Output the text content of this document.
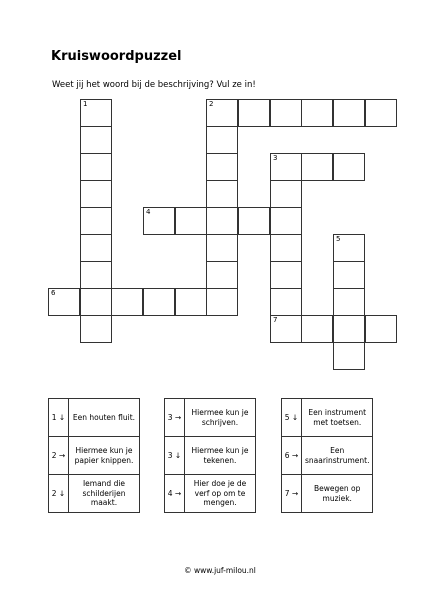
Kruiswoordpuzzel
Weet jij het woord bij de beschrijving? Vul ze in!
1	2
3
7
4
5
6
1 ↓	Een houten fluit.
2 →	Hiermee kun je papier knippen.
2 ↓	Iemand die schilderijen maakt.
3 →	Hiermee kun je schrijven.
3 ↓	Hiermee kun je tekenen.
4 →	Hier doe je de verf op om te mengen.
5 ↓	Een instrument met toetsen.
6 →	Een snaarinstrument.
7 →	Bewegen op muziek.
© www.juf-milou.nl
